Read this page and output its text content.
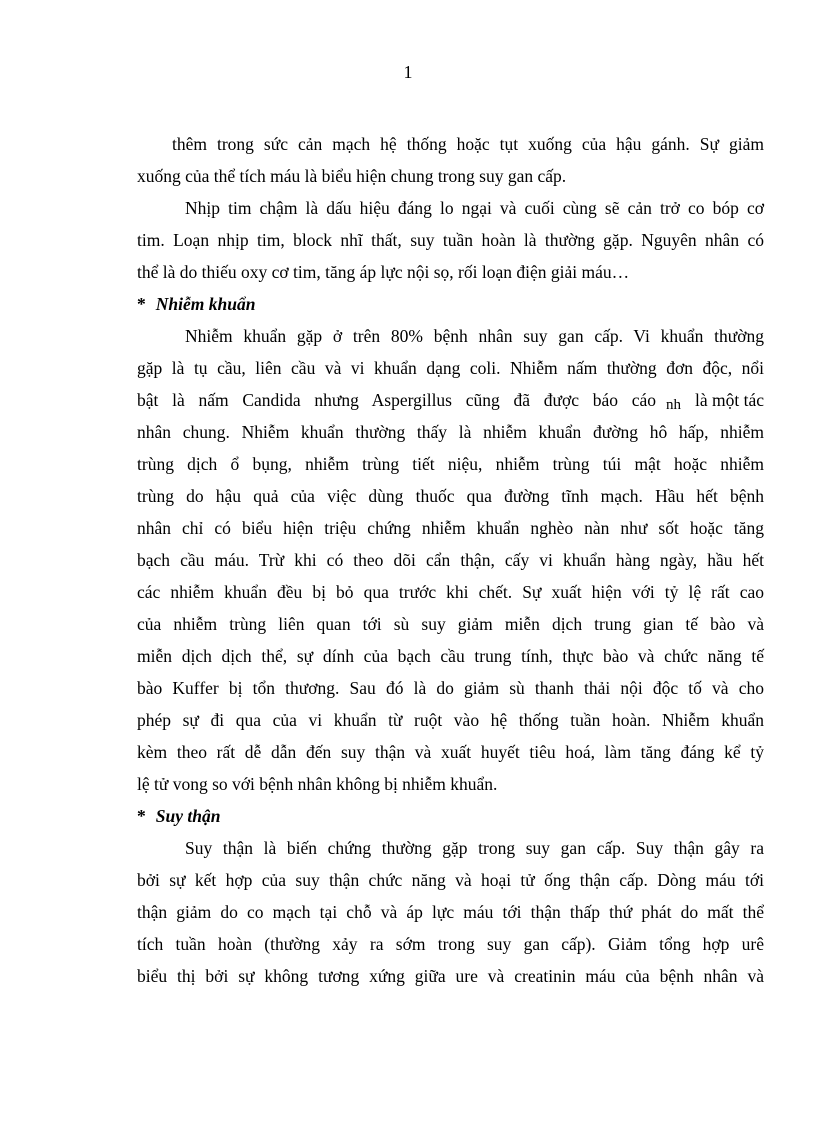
1
thêm trong sức cản mạch hệ thống hoặc tụt xuống của hậu gánh. Sự giảm
xuống của thể tích máu là biểu hiện chung trong suy gan cấp.
Nhịp tim chậm là dấu hiệu đáng lo ngại và cuối cùng sẽ cản trở co bóp cơ
tim. Loạn nhịp tim, block nhĩ thất, suy tuần hoàn là thường gặp. Nguyên nhân có
thể là do thiếu oxy cơ tim, tăng áp lực nội sọ, rối loạn điện giải máu…
* Nhiễm khuẩn
Nhiễm khuẩn gặp ở trên 80% bệnh nhân suy gan cấp. Vi khuẩn thường
gặp là tụ cầu, liên cầu và vi khuẩn dạng coli. Nhiễm nấm thường đơn độc, nổi
bật là nấm Candida nhưng Aspergillus cũng đã được báo cáo nh là một tác
nhân chung. Nhiễm khuẩn thường thấy là nhiễm khuẩn đường hô hấp, nhiễm
trùng dịch ổ bụng, nhiễm trùng tiết niệu, nhiễm trùng túi mật hoặc nhiễm
trùng do hậu quả của việc dùng thuốc qua đường tĩnh mạch. Hầu hết bệnh
nhân chỉ có biểu hiện triệu chứng nhiễm khuẩn nghèo nàn như sốt hoặc tăng
bạch cầu máu. Trừ khi có theo dõi cẩn thận, cấy vi khuẩn hàng ngày, hầu hết
các nhiễm khuẩn đều bị bỏ qua trước khi chết. Sự xuất hiện với tỷ lệ rất cao
của nhiễm trùng liên quan tới sù suy giảm miễn dịch trung gian tế bào và
miễn dịch dịch thể, sự dính của bạch cầu trung tính, thực bào và chức năng tế
bào Kuffer bị tổn thương. Sau đó là do giảm sù thanh thải nội độc tố và cho
phép sự đi qua của vi khuẩn từ ruột vào hệ thống tuần hoàn. Nhiễm khuẩn
kèm theo rất dễ dẫn đến suy thận và xuất huyết tiêu hoá, làm tăng đáng kể tỷ
lệ tử vong so với bệnh nhân không bị nhiễm khuẩn.
* Suy thận
Suy thận là biến chứng thường gặp trong suy gan cấp. Suy thận gây ra
bởi sự kết hợp của suy thận chức năng và hoại tử ống thận cấp. Dòng máu tới
thận giảm do co mạch tại chỗ và áp lực máu tới thận thấp thứ phát do mất thể
tích tuần hoàn (thường xảy ra sớm trong suy gan cấp). Giảm tổng hợp urê
biểu thị bởi sự không tương xứng giữa ure và creatinin máu của bệnh nhân và
